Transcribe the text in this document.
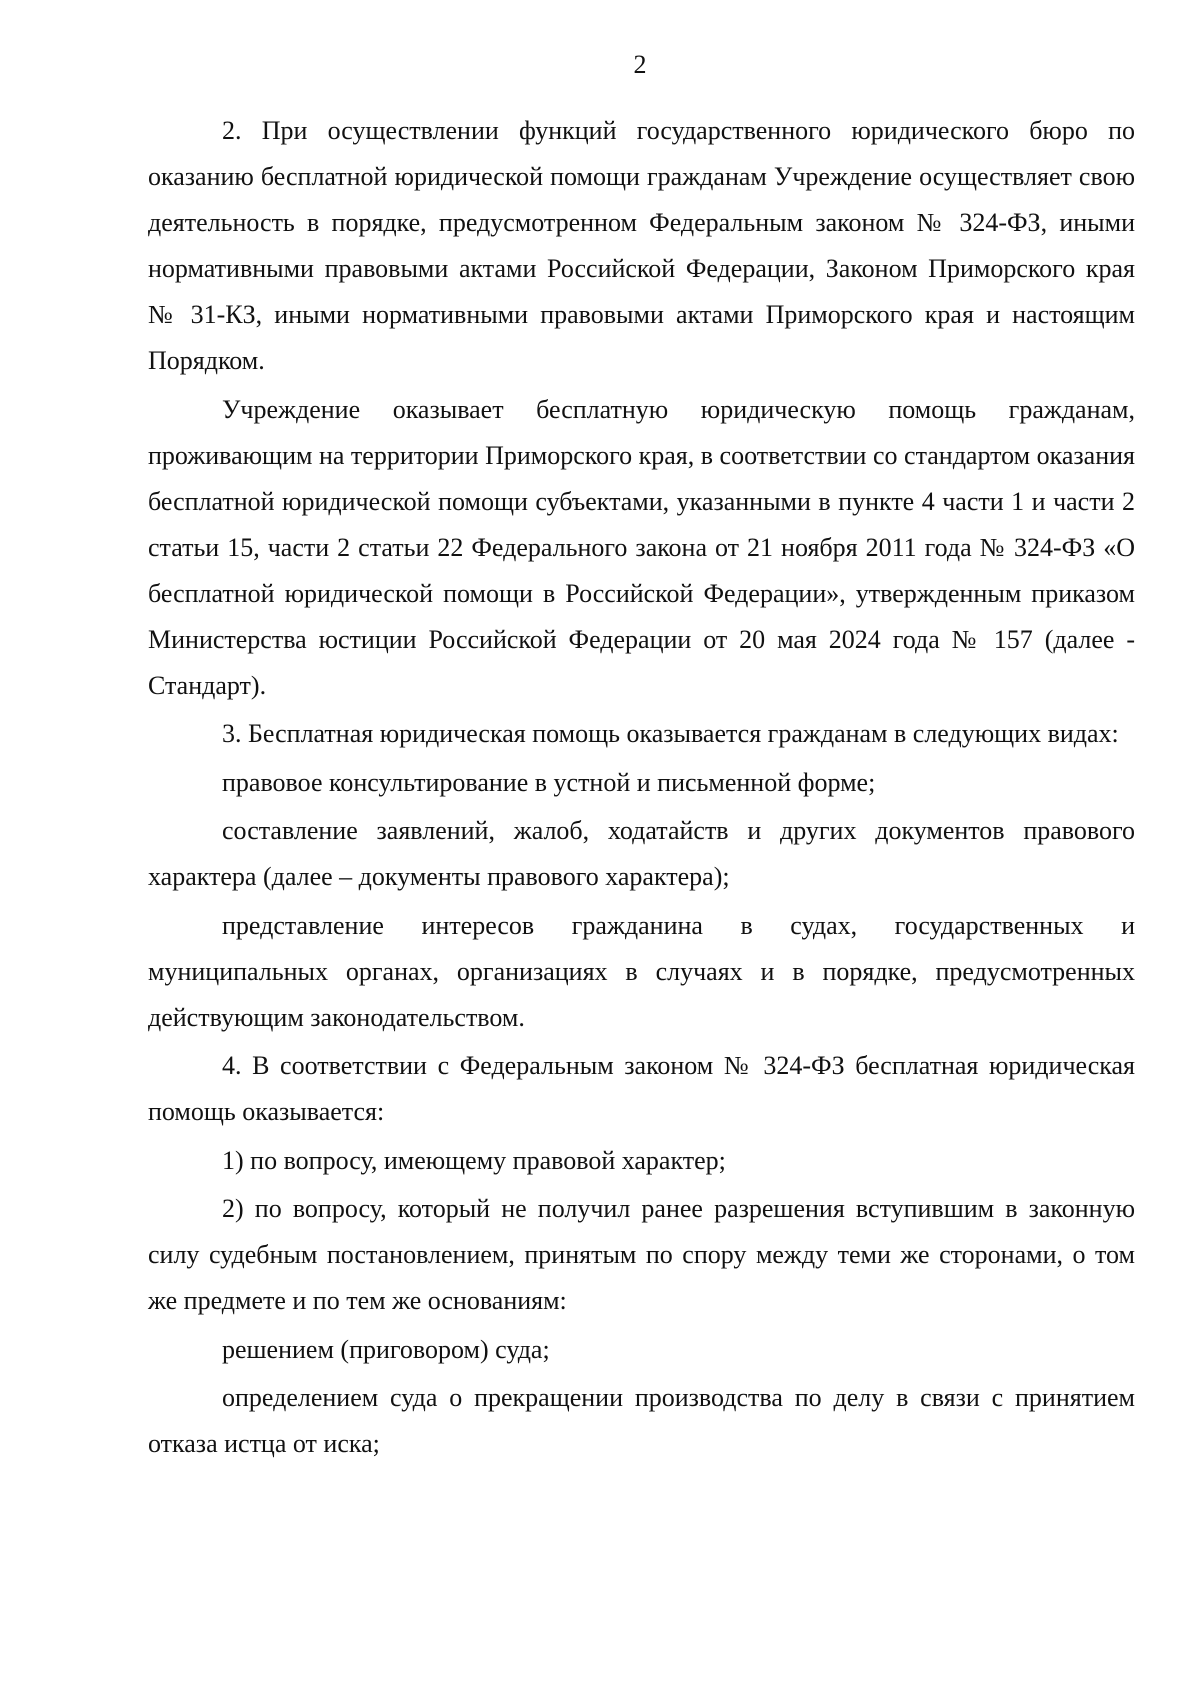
2

2. При осуществлении функций государственного юридического бюро по оказанию бесплатной юридической помощи гражданам Учреждение осуществляет свою деятельность в порядке, предусмотренном Федеральным законом № 324-ФЗ, иными нормативными правовыми актами Российской Федерации, Законом Приморского края № 31-КЗ, иными нормативными правовыми актами Приморского края и настоящим Порядком.

Учреждение оказывает бесплатную юридическую помощь гражданам, проживающим на территории Приморского края, в соответствии со стандартом оказания бесплатной юридической помощи субъектами, указанными в пункте 4 части 1 и части 2 статьи 15, части 2 статьи 22 Федерального закона от 21 ноября 2011 года № 324-ФЗ «О бесплатной юридической помощи в Российской Федерации», утвержденным приказом Министерства юстиции Российской Федерации от 20 мая 2024 года № 157 (далее - Стандарт).

3. Бесплатная юридическая помощь оказывается гражданам в следующих видах:

правовое консультирование в устной и письменной форме;

составление заявлений, жалоб, ходатайств и других документов правового характера (далее – документы правового характера);

представление интересов гражданина в судах, государственных и муниципальных органах, организациях в случаях и в порядке, предусмотренных действующим законодательством.

4. В соответствии с Федеральным законом № 324-ФЗ бесплатная юридическая помощь оказывается:

1) по вопросу, имеющему правовой характер;

2) по вопросу, который не получил ранее разрешения вступившим в законную силу судебным постановлением, принятым по спору между теми же сторонами, о том же предмете и по тем же основаниям:

решением (приговором) суда;

определением суда о прекращении производства по делу в связи с принятием отказа истца от иска;
